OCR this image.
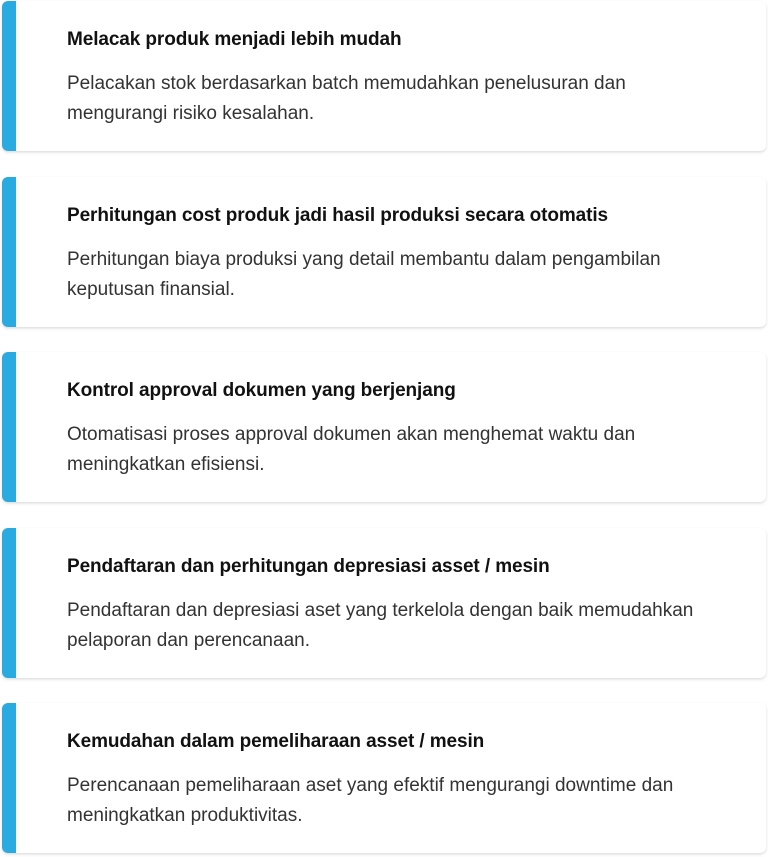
Melacak produk menjadi lebih mudah

Pelacakan stok berdasarkan batch memudahkan penelusuran dan mengurangi risiko kesalahan.

Perhitungan cost produk jadi hasil produksi secara otomatis

Perhitungan biaya produksi yang detail membantu dalam pengambilan keputusan finansial.

Kontrol approval dokumen yang berjenjang

Otomatisasi proses approval dokumen akan menghemat waktu dan meningkatkan efisiensi.

Pendaftaran dan perhitungan depresiasi asset / mesin

Pendaftaran dan depresiasi aset yang terkelola dengan baik memudahkan pelaporan dan perencanaan.

Kemudahan dalam pemeliharaan asset / mesin

Perencanaan pemeliharaan aset yang efektif mengurangi downtime dan meningkatkan produktivitas.
